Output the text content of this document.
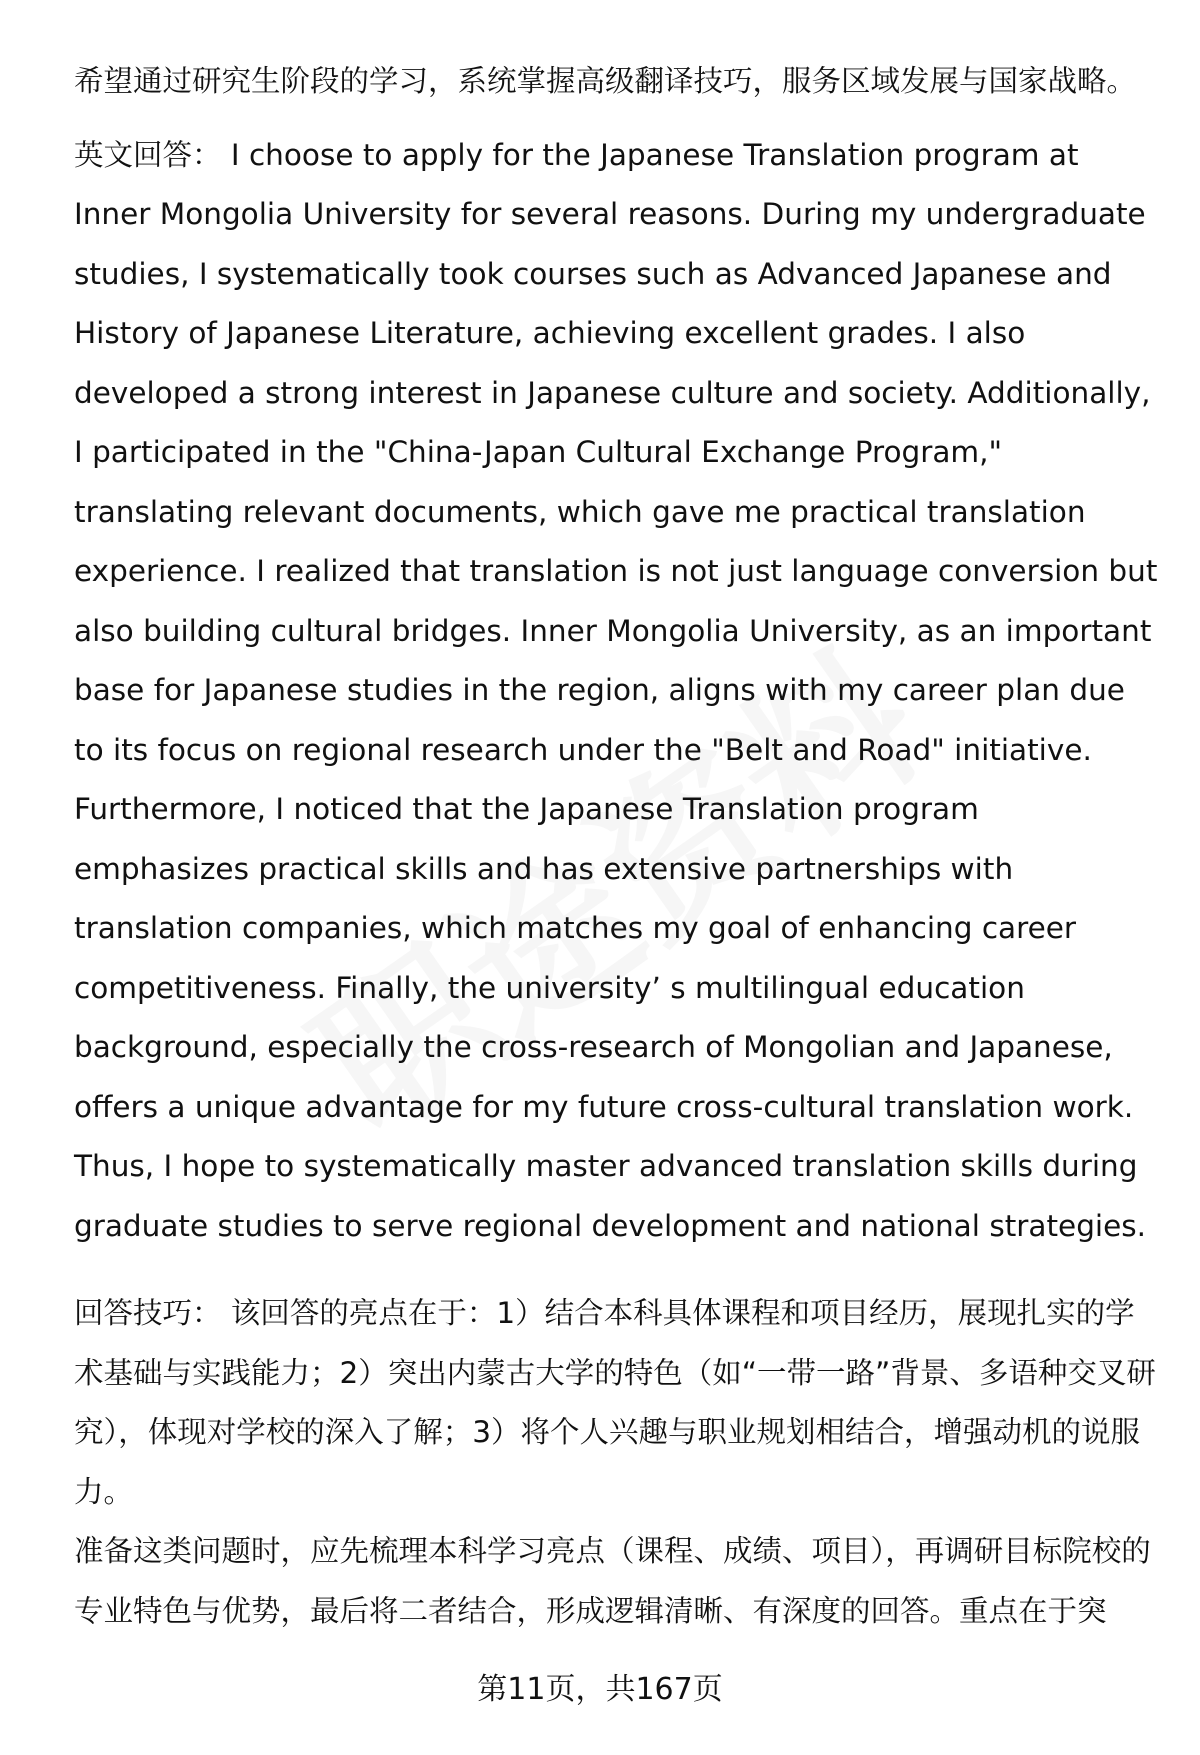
希望通过研究生阶段的学习，系统掌握高级翻译技巧，服务区域发展与国家战略。

英文回答： I choose to apply for the Japanese Translation program at Inner Mongolia University for several reasons. During my undergraduate studies, I systematically took courses such as Advanced Japanese and History of Japanese Literature, achieving excellent grades. I also developed a strong interest in Japanese culture and society. Additionally, I participated in the "China-Japan Cultural Exchange Program," translating relevant documents, which gave me practical translation experience. I realized that translation is not just language conversion but also building cultural bridges. Inner Mongolia University, as an important base for Japanese studies in the region, aligns with my career plan due to its focus on regional research under the "Belt and Road" initiative. Furthermore, I noticed that the Japanese Translation program emphasizes practical skills and has extensive partnerships with translation companies, which matches my goal of enhancing career competitiveness. Finally, the university’ s multilingual education background, especially the cross-research of Mongolian and Japanese, offers a unique advantage for my future cross-cultural translation work. Thus, I hope to systematically master advanced translation skills during graduate studies to serve regional development and national strategies.

回答技巧： 该回答的亮点在于：1）结合本科具体课程和项目经历，展现扎实的学术基础与实践能力；2）突出内蒙古大学的特色（如“一带一路”背景、多语种交叉研究），体现对学校的深入了解；3）将个人兴趣与职业规划相结合，增强动机的说服力。

准备这类问题时，应先梳理本科学习亮点（课程、成绩、项目），再调研目标院校的专业特色与优势，最后将二者结合，形成逻辑清晰、有深度的回答。重点在于突

第11页，共167页
